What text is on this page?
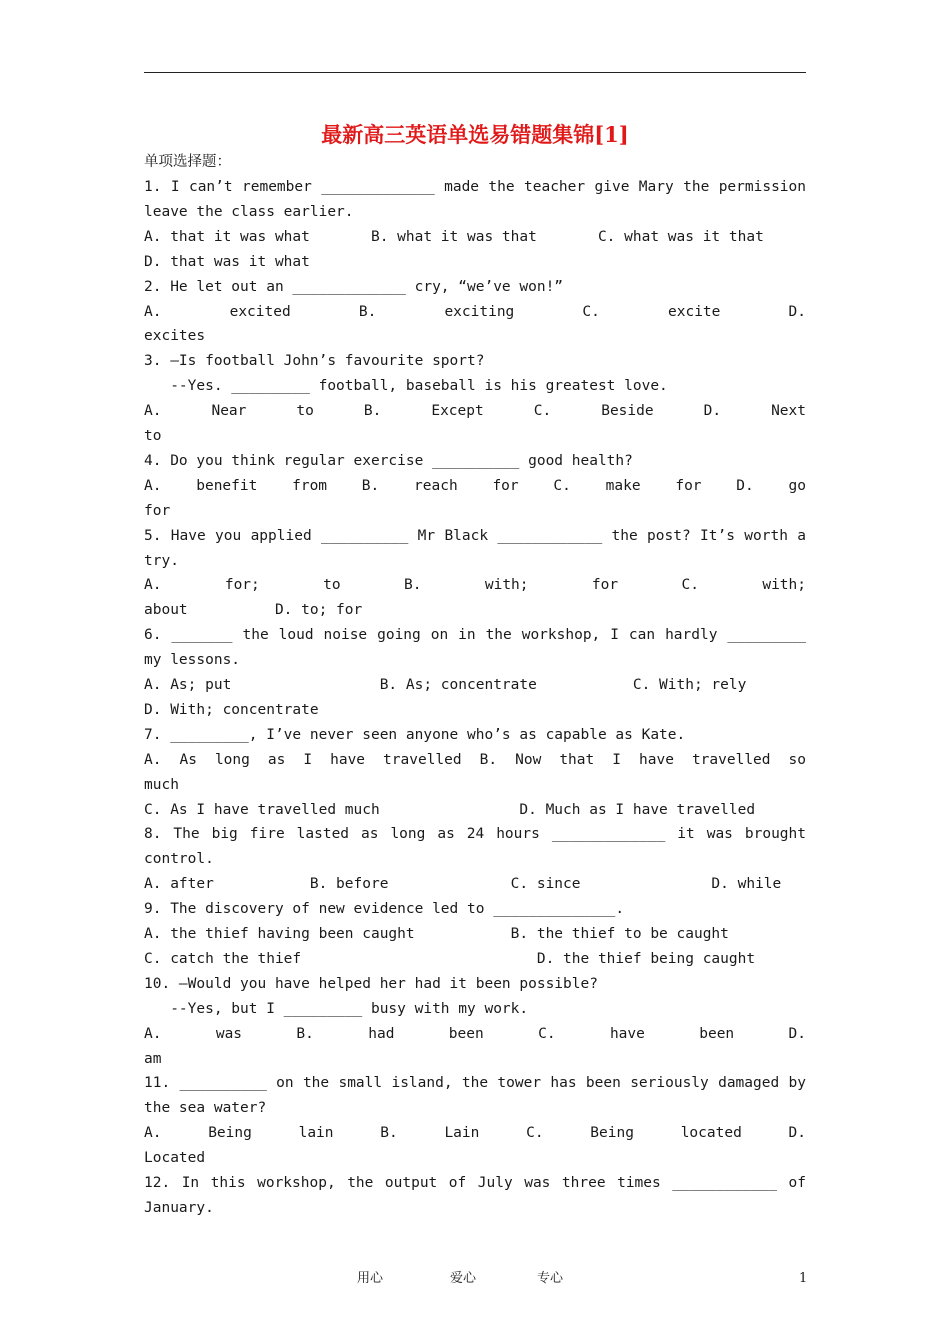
最新高三英语单选易错题集锦[1]
单项选择题：
1. I can’t remember _____________ made the teacher give Mary the permission
leave the class earlier.
A. that it was what       B. what it was that       C. what was it that
D. that was it what
2. He let out an _____________ cry, “we’ve won!”
A. excited B. exciting C. excite D.
excites
3. –Is football John’s favourite sport?
--Yes. _________ football, baseball is his greatest love.
A. Near to B. Except C. Beside D. Next
to
4. Do you think regular exercise __________ good health?
A. benefit from B. reach for C. make for D. go
for
5. Have you applied __________ Mr Black ____________ the post? It’s worth a
try.
A. for; to B. with; for C. with;
about          D. to; for
6. _______ the loud noise going on in the workshop, I can hardly _________
my lessons.
A. As; put                 B. As; concentrate           C. With; rely
D. With; concentrate
7. _________, I’ve never seen anyone who’s as capable as Kate.
A. As long as I have travelled B. Now that I have travelled so
much
C. As I have travelled much                D. Much as I have travelled
8. The big fire lasted as long as 24 hours _____________ it was brought
control.
A. after           B. before              C. since               D. while
9. The discovery of new evidence led to ______________.
A. the thief having been caught           B. the thief to be caught
C. catch the thief                           D. the thief being caught
10. –Would you have helped her had it been possible?
--Yes, but I _________ busy with my work.
A. was B. had been C. have been D.
am
11. __________ on the small island, the tower has been seriously damaged by
the sea water?
A. Being lain B. Lain C. Being located D.
Located
12. In this workshop, the output of July was three times ____________ of
January.
用心	爱心	专心	1
